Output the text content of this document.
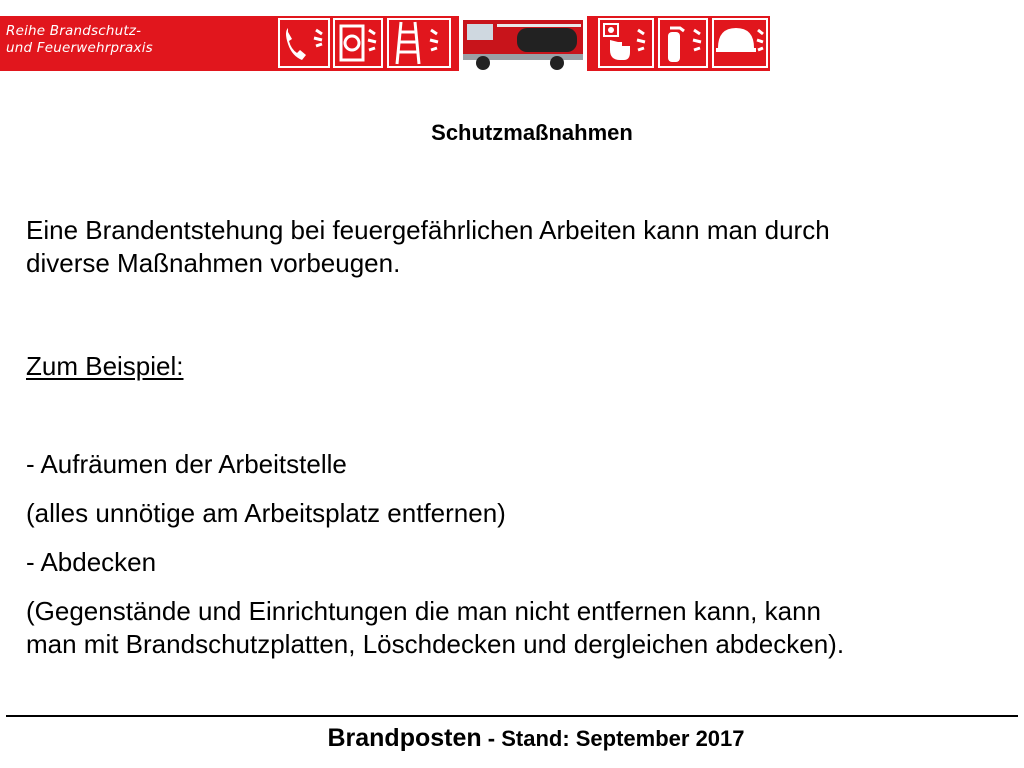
Reihe Brandschutz-
und Feuerwehrpraxis
Schutzmaßnahmen
Eine Brandentstehung bei feuergefährlichen Arbeiten kann man durch
diverse Maßnahmen vorbeugen.
Zum Beispiel:
- Aufräumen der Arbeitstelle
(alles unnötige am Arbeitsplatz entfernen)
- Abdecken
(Gegenstände und Einrichtungen die man nicht entfernen kann, kann
man mit Brandschutzplatten, Löschdecken und dergleichen abdecken).
Brandposten - Stand: September 2017
